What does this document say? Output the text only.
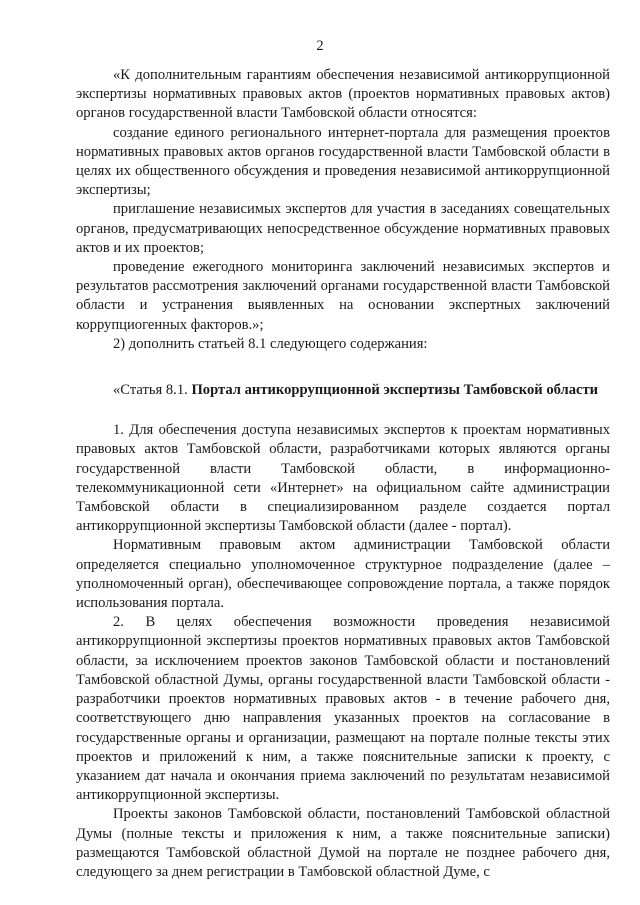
2

«К дополнительным гарантиям обеспечения независимой антикоррупционной экспертизы нормативных правовых актов (проектов нормативных правовых актов) органов государственной власти Тамбовской области относятся:

создание единого регионального интернет-портала для размещения проектов нормативных правовых актов органов государственной власти Тамбовской области в целях их общественного обсуждения и проведения независимой антикоррупционной экспертизы;

приглашение независимых экспертов для участия в заседаниях совещательных органов, предусматривающих непосредственное обсуждение нормативных правовых актов и их проектов;

проведение ежегодного мониторинга заключений независимых экспертов и результатов рассмотрения заключений органами государственной власти Тамбовской области и устранения выявленных на основании экспертных заключений коррупциогенных факторов.»;

2) дополнить статьей 8.1 следующего содержания:

«Статья 8.1. Портал антикоррупционной экспертизы Тамбовской области

1. Для обеспечения доступа независимых экспертов к проектам нормативных правовых актов Тамбовской области, разработчиками которых являются органы государственной власти Тамбовской области, в информационно-телекоммуникационной сети «Интернет» на официальном сайте администрации Тамбовской области в специализированном разделе создается портал антикоррупционной экспертизы Тамбовской области (далее - портал).

Нормативным правовым актом администрации Тамбовской области определяется специально уполномоченное структурное подразделение (далее – уполномоченный орган), обеспечивающее сопровождение портала, а также порядок использования портала.

2. В целях обеспечения возможности проведения независимой антикоррупционной экспертизы проектов нормативных правовых актов Тамбовской области, за исключением проектов законов Тамбовской области и постановлений Тамбовской областной Думы, органы государственной власти Тамбовской области - разработчики проектов нормативных правовых актов - в течение рабочего дня, соответствующего дню направления указанных проектов на согласование в государственные органы и организации, размещают на портале полные тексты этих проектов и приложений к ним, а также пояснительные записки к проекту, с указанием дат начала и окончания приема заключений по результатам независимой антикоррупционной экспертизы.

Проекты законов Тамбовской области, постановлений Тамбовской областной Думы (полные тексты и приложения к ним, а также пояснительные записки) размещаются Тамбовской областной Думой на портале не позднее рабочего дня, следующего за днем регистрации в Тамбовской областной Думе, с
